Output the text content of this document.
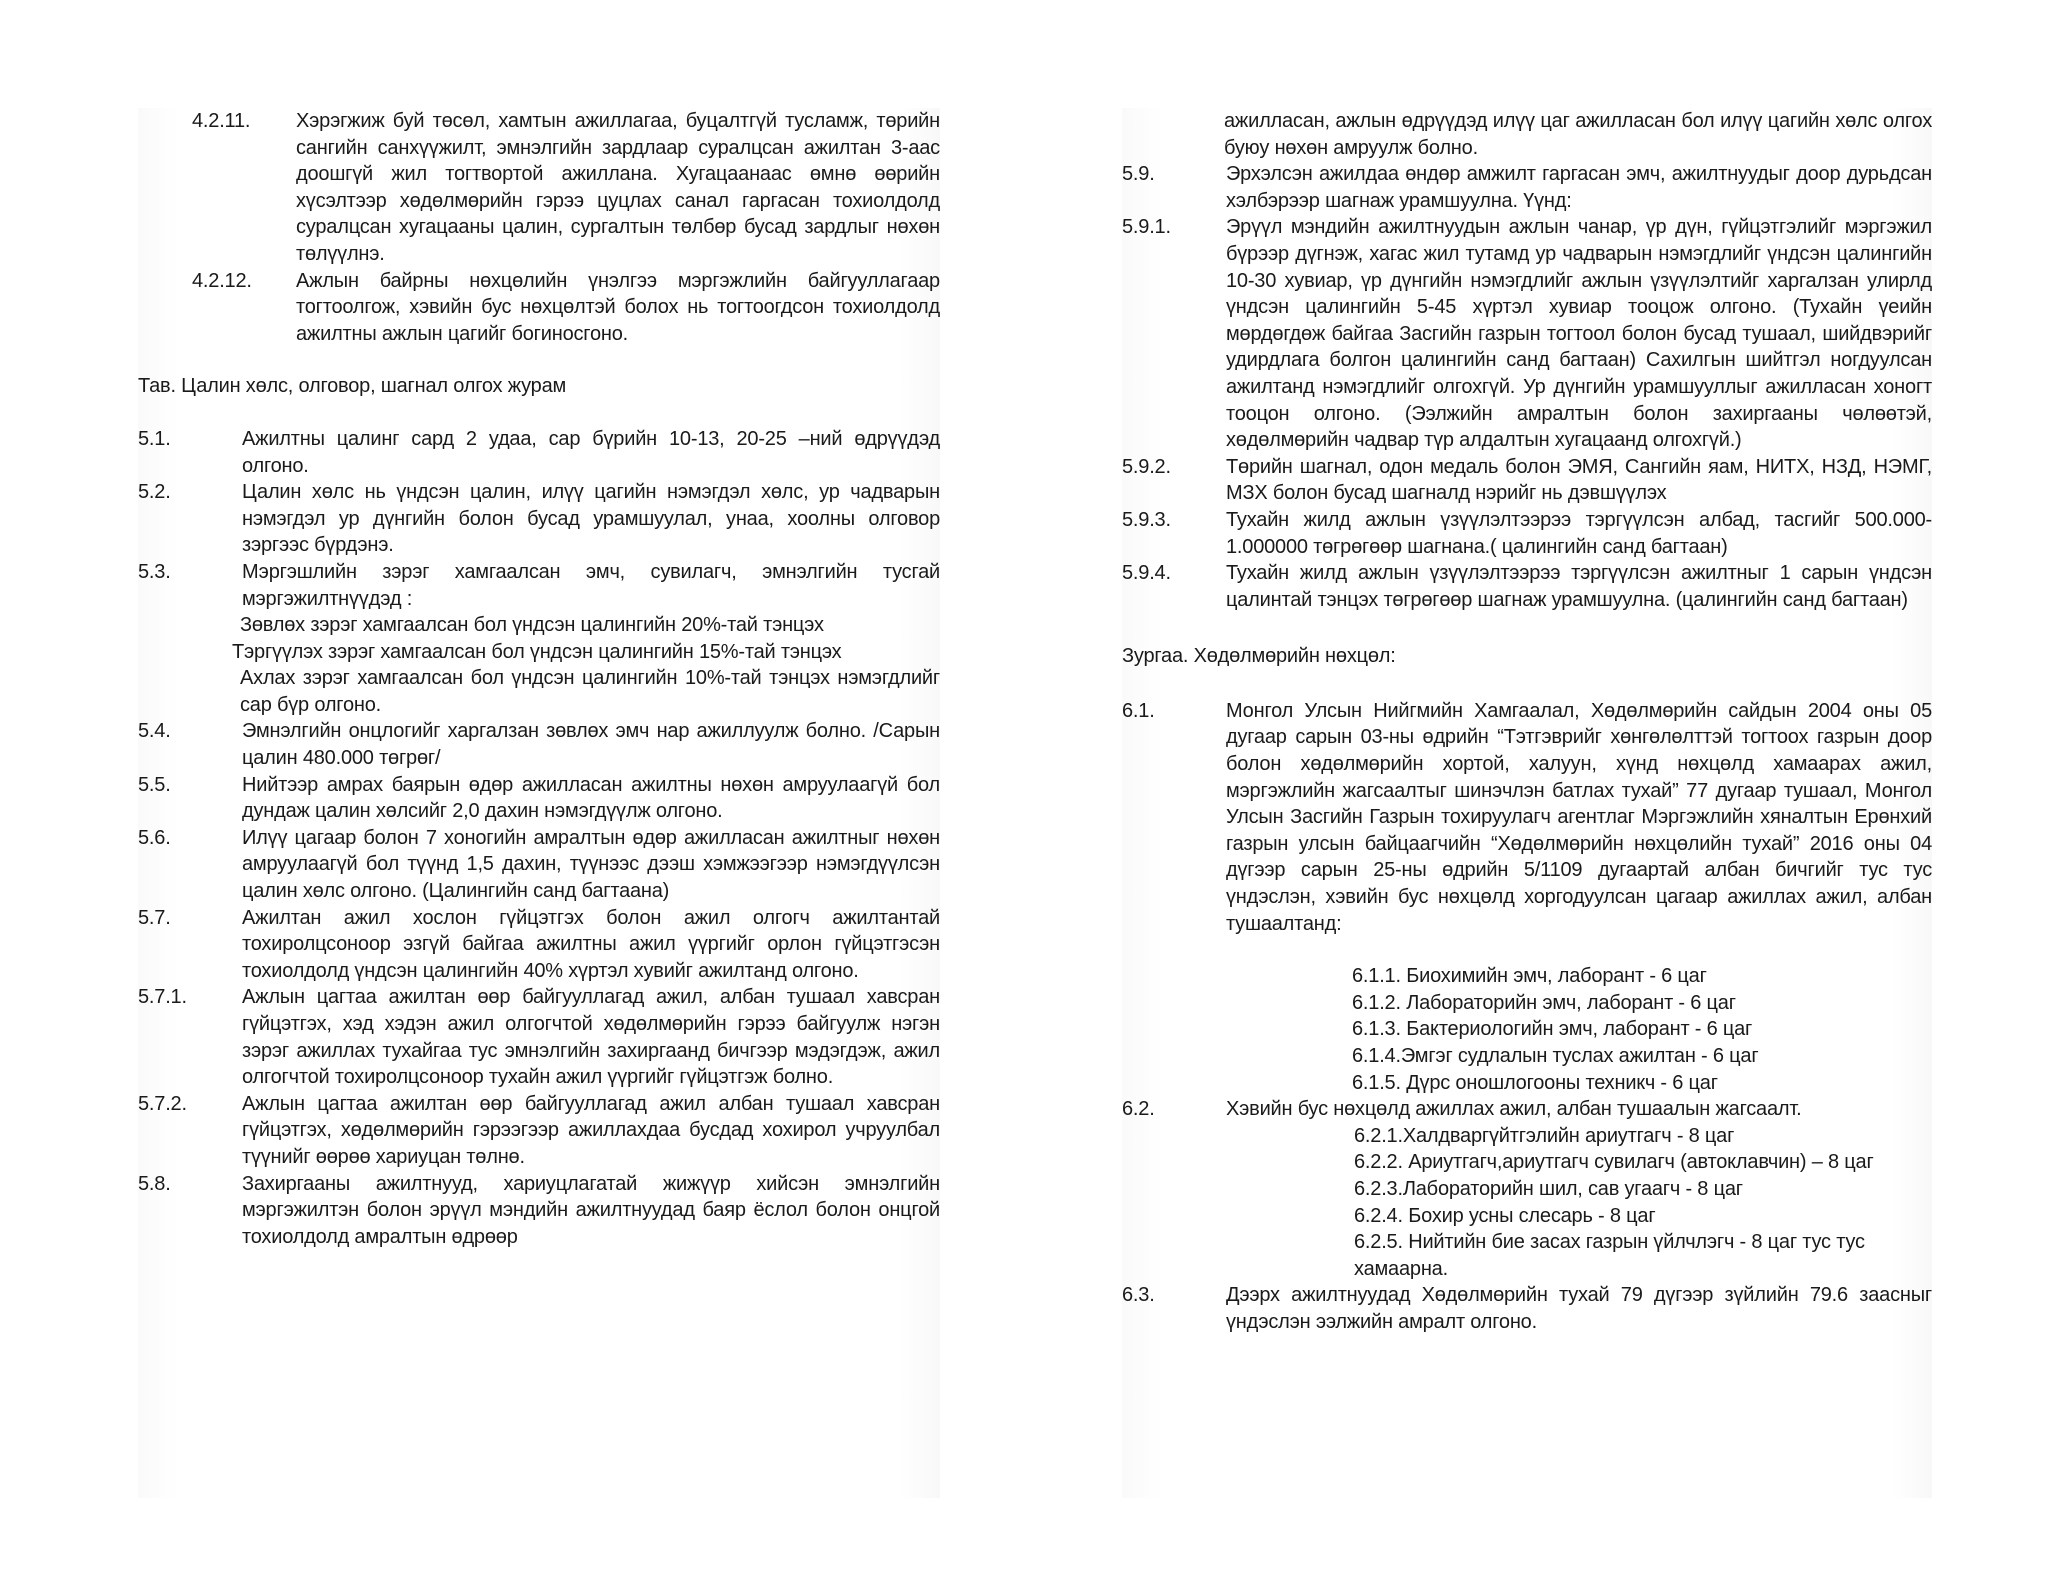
4.2.11.	Хэрэгжиж буй төсөл, хамтын ажиллагаа, буцалтгүй тусламж, төрийн сангийн санхүүжилт, эмнэлгийн зардлаар суралцсан ажилтан 3-аас доошгүй жил тогтвортой ажиллана. Хугацаанаас өмнө өөрийн хүсэлтээр хөдөлмөрийн гэрээ цуцлах санал гаргасан тохиолдолд суралцсан хугацааны цалин, сургалтын төлбөр бусад зардлыг нөхөн төлүүлнэ.
4.2.12.	Ажлын байрны нөхцөлийн үнэлгээ мэргэжлийн байгууллагаар тогтоолгож, хэвийн бус нөхцөлтэй болох нь тогтоогдсон тохиолдолд ажилтны ажлын цагийг богиносгоно.
Тав. Цалин хөлс, олговор, шагнал олгох журам
5.1.	Ажилтны цалинг сард 2 удаа, сар бүрийн 10-13, 20-25 –ний өдрүүдэд олгоно.
5.2.	Цалин хөлс нь үндсэн цалин, илүү цагийн нэмэгдэл хөлс, ур чадварын нэмэгдэл ур дүнгийн болон бусад урамшуулал, унаа, хоолны олговор зэргээс бүрдэнэ.
5.3.	Мэргэшлийн зэрэг хамгаалсан эмч, сувилагч, эмнэлгийн тусгай мэргэжилтнүүдэд :
Зөвлөх зэрэг хамгаалсан бол үндсэн цалингийн 20%-тай тэнцэх
Тэргүүлэх зэрэг хамгаалсан бол үндсэн цалингийн 15%-тай тэнцэх
Ахлах зэрэг хамгаалсан бол үндсэн цалингийн 10%-тай тэнцэх нэмэгдлийг сар бүр олгоно.
5.4.	Эмнэлгийн онцлогийг харгалзан зөвлөх эмч нар ажиллуулж болно. /Сарын цалин 480.000 төгрөг/
5.5.	Нийтээр амрах баярын өдөр ажилласан ажилтны нөхөн амруулаагүй бол дундаж цалин хөлсийг 2,0 дахин нэмэгдүүлж олгоно.
5.6.	Илүү цагаар болон 7 хоногийн амралтын өдөр ажилласан ажилтныг нөхөн амруулаагүй бол түүнд 1,5 дахин, түүнээс дээш хэмжээгээр нэмэгдүүлсэн цалин хөлс олгоно. (Цалингийн санд багтаана)
5.7.	Ажилтан ажил хослон гүйцэтгэх болон ажил олгогч ажилтантай тохиролцсоноор эзгүй байгаа ажилтны ажил үүргийг орлон гүйцэтгэсэн тохиолдолд үндсэн цалингийн 40% хүртэл хувийг ажилтанд олгоно.
5.7.1.	Ажлын цагтаа ажилтан өөр байгууллагад ажил, албан тушаал хавсран гүйцэтгэх, хэд хэдэн ажил олгогчтой хөдөлмөрийн гэрээ байгуулж нэгэн зэрэг ажиллах тухайгаа тус эмнэлгийн захиргаанд бичгээр мэдэгдэж, ажил олгогчтой тохиролцсоноор тухайн ажил үүргийг гүйцэтгэж болно.
5.7.2.	Ажлын цагтаа ажилтан өөр байгууллагад ажил албан тушаал хавсран гүйцэтгэх, хөдөлмөрийн гэрээгээр ажиллахдаа бусдад хохирол учруулбал түүнийг өөрөө хариуцан төлнө.
5.8.	Захиргааны ажилтнууд, хариуцлагатай жижүүр хийсэн эмнэлгийн мэргэжилтэн болон эрүүл мэндийн ажилтнуудад баяр ёслол болон онцгой тохиолдолд амралтын өдрөөр
ажилласан, ажлын өдрүүдэд илүү цаг ажилласан бол илүү цагийн хөлс олгох буюу нөхөн амруулж болно.
5.9.	Эрхэлсэн ажилдаа өндөр амжилт гаргасан эмч, ажилтнуудыг доор дурьдсан хэлбэрээр шагнаж урамшуулна. Үүнд:
5.9.1.	Эрүүл мэндийн ажилтнуудын ажлын чанар, үр дүн, гүйцэтгэлийг мэргэжил бүрээр дүгнэж, хагас жил тутамд ур чадварын нэмэгдлийг үндсэн цалингийн 10-30 хувиар, үр дүнгийн нэмэгдлийг ажлын үзүүлэлтийг харгалзан улирлд үндсэн цалингийн 5-45 хүртэл хувиар тооцож олгоно. (Тухайн үеийн мөрдөгдөж байгаа Засгийн газрын тогтоол болон бусад тушаал, шийдвэрийг удирдлага болгон цалингийн санд багтаан) Сахилгын шийтгэл ногдуулсан ажилтанд нэмэгдлийг олгохгүй. Ур дүнгийн урамшууллыг ажилласан хоногт тооцон олгоно. (Ээлжийн амралтын болон захиргааны чөлөөтэй, хөдөлмөрийн чадвар түр алдалтын хугацаанд олгохгүй.)
5.9.2.	Төрийн шагнал, одон медаль болон ЭМЯ, Сангийн яам, НИТХ, НЗД, НЭМГ, МЗХ болон бусад шагналд нэрийг нь дэвшүүлэх
5.9.3.	Тухайн жилд ажлын үзүүлэлтээрээ тэргүүлсэн албад, тасгийг 500.000-1.000000 төгрөгөөр шагнана.( цалингийн санд багтаан)
5.9.4.	Тухайн жилд ажлын үзүүлэлтээрээ тэргүүлсэн ажилтныг 1 сарын үндсэн цалинтай тэнцэх төгрөгөөр шагнаж урамшуулна. (цалингийн санд багтаан)
Зургаа. Хөдөлмөрийн нөхцөл:
6.1.	Монгол Улсын Нийгмийн Хамгаалал, Хөдөлмөрийн сайдын 2004 оны 05 дугаар сарын 03-ны өдрийн “Тэтгэврийг хөнгөлөлттэй тогтоох газрын доор болон хөдөлмөрийн хортой, халуун, хүнд нөхцөлд хамаарах ажил, мэргэжлийн жагсаалтыг шинэчлэн батлах тухай” 77 дугаар тушаал, Монгол Улсын Засгийн Газрын тохируулагч агентлаг Мэргэжлийн хяналтын Ерөнхий газрын улсын байцаагчийн “Хөдөлмөрийн нөхцөлийн тухай” 2016 оны 04 дүгээр сарын 25-ны өдрийн 5/1109 дугаартай албан бичгийг тус тус үндэслэн, хэвийн бус нөхцөлд хоргодуулсан цагаар ажиллах ажил, албан тушаалтанд:
6.1.1. Биохимийн эмч, лаборант - 6 цаг
6.1.2. Лабораторийн эмч, лаборант - 6 цаг
6.1.3. Бактериологийн эмч, лаборант - 6 цаг
6.1.4.Эмгэг судлалын туслах ажилтан - 6 цаг
6.1.5. Дүрс оношлогооны техникч - 6 цаг
6.2.	Хэвийн бус нөхцөлд ажиллах ажил, албан тушаалын жагсаалт.
6.2.1.Халдваргүйтгэлийн ариутгагч - 8 цаг
6.2.2. Ариутгагч,ариутгагч сувилагч (автоклавчин) – 8 цаг
6.2.3.Лабораторийн шил, сав угаагч - 8 цаг
6.2.4. Бохир усны слесарь - 8 цаг
6.2.5. Нийтийн бие засах газрын үйлчлэгч - 8 цаг тус тус хамаарна.
6.3.	Дээрх ажилтнуудад Хөдөлмөрийн тухай 79 дүгээр зүйлийн 79.6 заасныг үндэслэн ээлжийн амралт олгоно.
